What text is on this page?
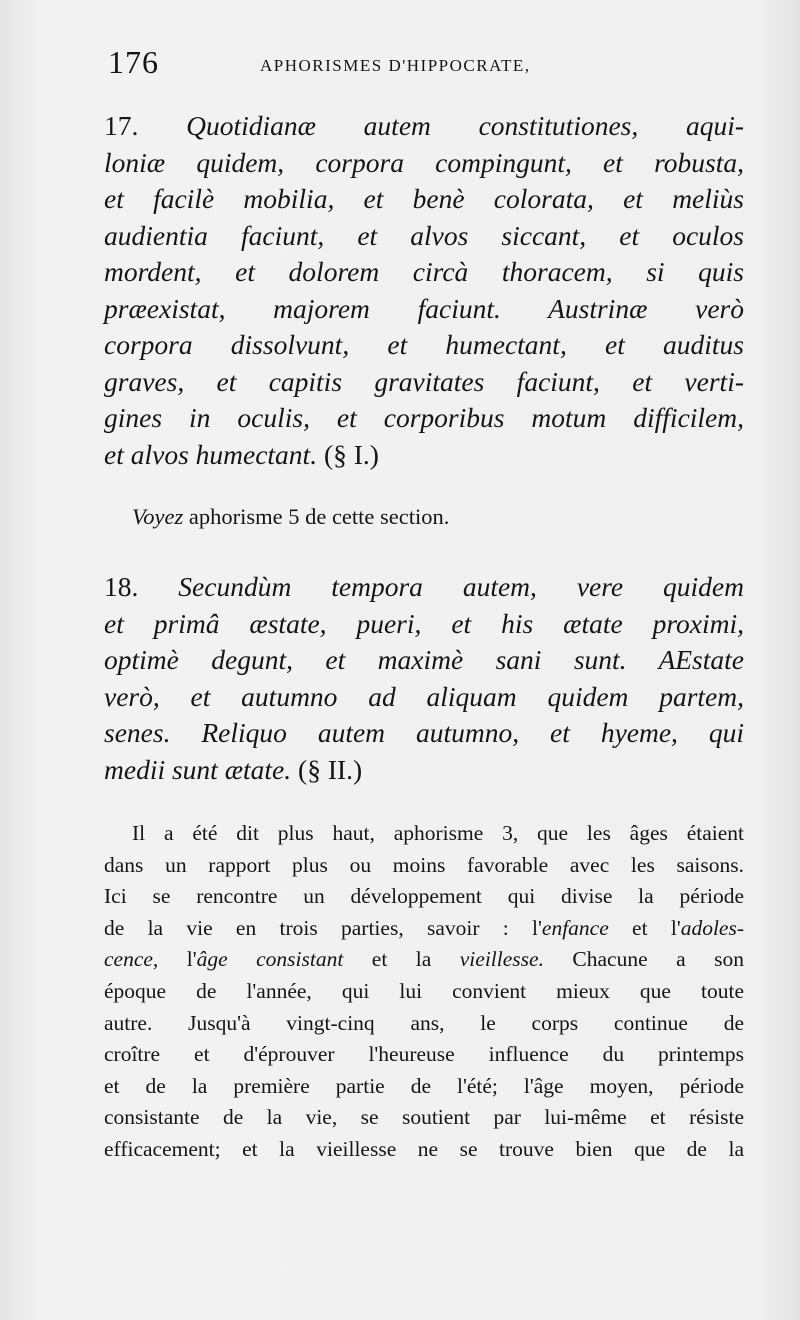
176	APHORISMES D'HIPPOCRATE,
17. Quotidianæ autem constitutiones, aqui-
loniæ quidem, corpora compingunt, et robusta,
et facilè mobilia, et benè colorata, et meliùs
audientia faciunt, et alvos siccant, et oculos
mordent, et dolorem circà thoracem, si quis
præexistat, majorem faciunt. Austrinæ verò
corpora dissolvunt, et humectant, et auditus
graves, et capitis gravitates faciunt, et verti-
gines in oculis, et corporibus motum difficilem,
et alvos humectant. (§ I.)
Voyez aphorisme 5 de cette section.
18. Secundùm tempora autem, vere quidem
et primâ æstate, pueri, et his ætate proximi,
optimè degunt, et maximè sani sunt. AEstate
verò, et autumno ad aliquam quidem partem,
senes. Reliquo autem autumno, et hyeme, qui
medii sunt ætate. (§ II.)
Il a été dit plus haut, aphorisme 3, que les âges étaient
dans un rapport plus ou moins favorable avec les saisons.
Ici se rencontre un développement qui divise la période
de la vie en trois parties, savoir : l'enfance et l'adoles-
cence, l'âge consistant et la vieillesse. Chacune a son
époque de l'année, qui lui convient mieux que toute
autre. Jusqu'à vingt-cinq ans, le corps continue de
croître et d'éprouver l'heureuse influence du printemps
et de la première partie de l'été; l'âge moyen, période
consistante de la vie, se soutient par lui-même et résiste
efficacement; et la vieillesse ne se trouve bien que de la
